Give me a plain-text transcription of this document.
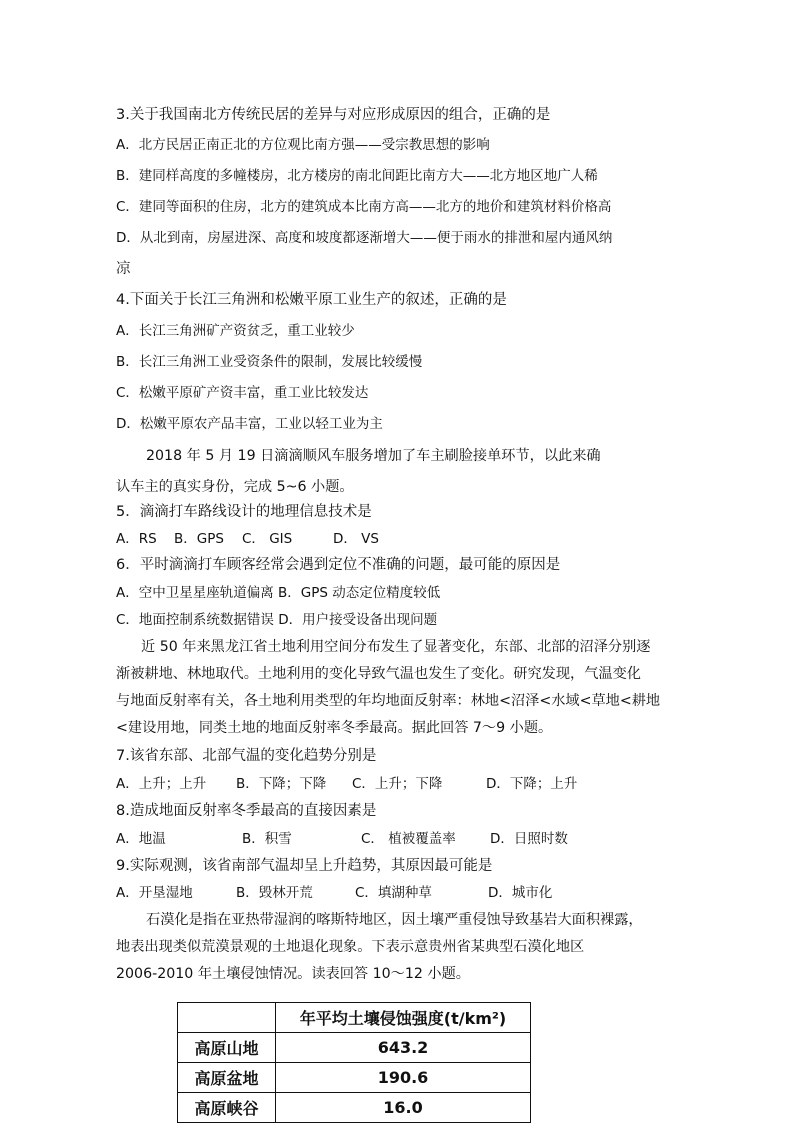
3.关于我国南北方传统民居的差异与对应形成原因的组合，正确的是
A．北方民居正南正北的方位观比南方强——受宗教思想的影响
B．建同样高度的多幢楼房，北方楼房的南北间距比南方大——北方地区地广人稀
C．建同等面积的住房，北方的建筑成本比南方高——北方的地价和建筑材料价格高
D．从北到南，房屋进深、高度和坡度都逐渐增大——便于雨水的排泄和屋内通风纳
凉
4.下面关于长江三角洲和松嫩平原工业生产的叙述，正确的是
A．长江三角洲矿产资贫乏，重工业较少
B．长江三角洲工业受资条件的限制，发展比较缓慢
C．松嫩平原矿产资丰富，重工业比较发达
D．松嫩平原农产品丰富，工业以轻工业为主
2018 年 5 月 19 日滴滴顺风车服务增加了车主刷脸接单环节，以此来确
认车主的真实身份，完成 5~6 小题。
5．滴滴打车路线设计的地理信息技术是
A．RS B．GPS C． GIS	D． VS
6．平时滴滴打车顾客经常会遇到定位不准确的问题，最可能的原因是
A．空中卫星星座轨道偏离 B．GPS 动态定位精度较低
C．地面控制系统数据错误 D．用户接受设备出现问题
近 50 年来黑龙江省土地利用空间分布发生了显著变化，东部、北部的沼泽分别逐
渐被耕地、林地取代。土地利用的变化导致气温也发生了变化。研究发现，气温变化
与地面反射率有关，各土地利用类型的年均地面反射率：林地<沼泽<水域<草地<耕地
<建设用地，同类土地的地面反射率冬季最高。据此回答 7～9 小题。
7.该省东部、北部气温的变化趋势分别是
A．上升；上升 B．下降；下降 C．上升；下降	D．下降；上升
8.造成地面反射率冬季最高的直接因素是
A．地温	B．积雪	C． 植被覆盖率	D．日照时数
9.实际观测，该省南部气温却呈上升趋势，其原因最可能是
A．开垦湿地	B．毁林开荒	C．填湖种草	D．城市化
石漠化是指在亚热带湿润的喀斯特地区，因土壤严重侵蚀导致基岩大面积裸露，
地表出现类似荒漠景观的土地退化现象。下表示意贵州省某典型石漠化地区
2006-2010 年土壤侵蚀情况。读表回答 10～12 小题。
	年平均土壤侵蚀强度(t/km²)
高原山地	643.2
高原盆地	190.6
高原峡谷	16.0
